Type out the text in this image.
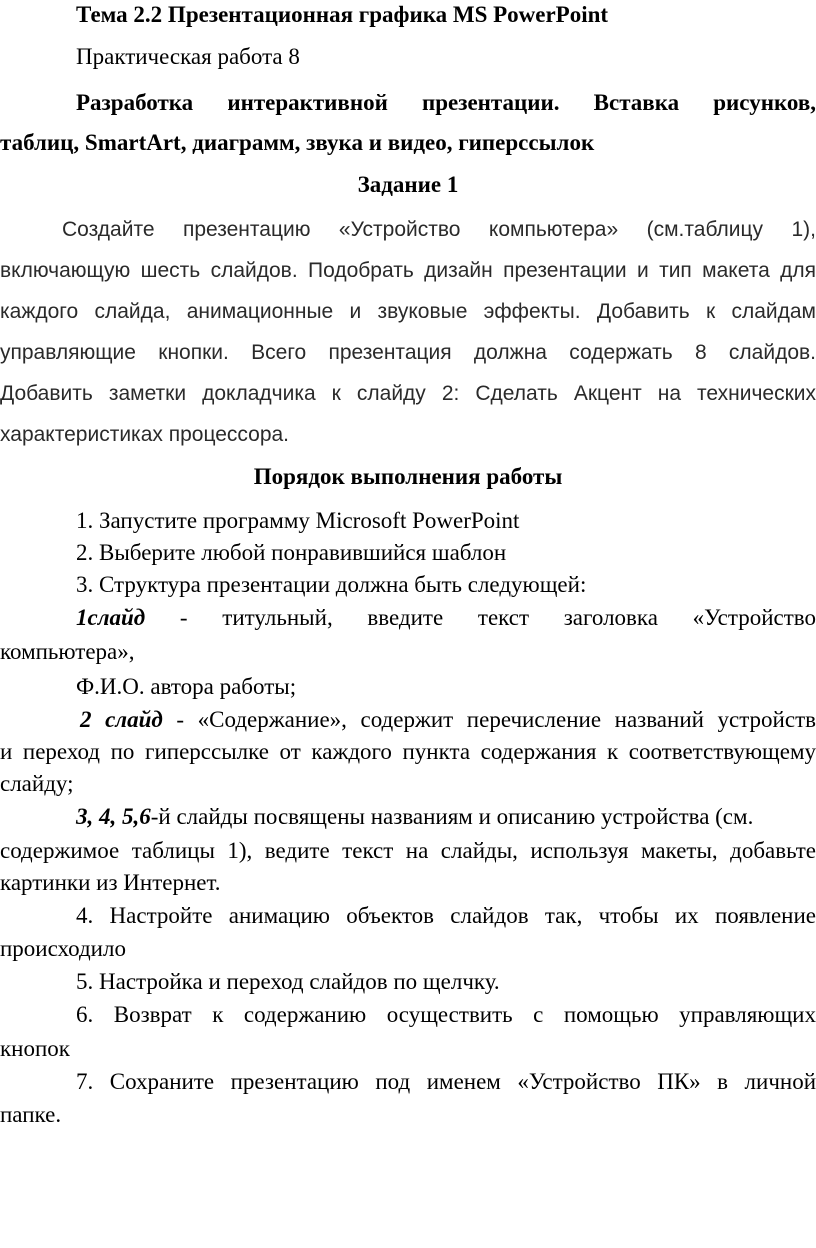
Тема 2.2 Презентационная графика MS PowerPoint
Практическая работа 8
Разработка интерактивной презентации. Вставка рисунков,
таблиц, SmartArt, диаграмм, звука и видео, гиперссылок
Задание 1
Создайте презентацию «Устройство компьютера» (см.таблицу 1),
включающую шесть слайдов. Подобрать дизайн презентации и тип макета для
каждого слайда, анимационные и звуковые эффекты. Добавить к слайдам
управляющие кнопки. Всего презентация должна содержать 8 слайдов.
Добавить заметки докладчика к слайду 2: Сделать Акцент на технических
характеристиках процессора.
Порядок выполнения работы
1. Запустите программу Microsoft PowerPoint
2. Выберите любой понравившийся шаблон
3. Структура презентации должна быть следующей:
1слайд - титульный, введите текст заголовка «Устройство
компьютера»,
Ф.И.О. автора работы;
2 слайд - «Содержание», содержит перечисление названий устройств
и переход по гиперссылке от каждого пункта содержания к соответствующему
слайду;
3, 4, 5,6-й слайды посвящены названиям и описанию устройства (см.
содержимое таблицы 1), ведите текст на слайды, используя макеты, добавьте
картинки из Интернет.
4. Настройте анимацию объектов слайдов так, чтобы их появление
происходило
5. Настройка и переход слайдов по щелчку.
6. Возврат к содержанию осуществить с помощью управляющих
кнопок
7. Сохраните презентацию под именем «Устройство ПК» в личной
папке.
